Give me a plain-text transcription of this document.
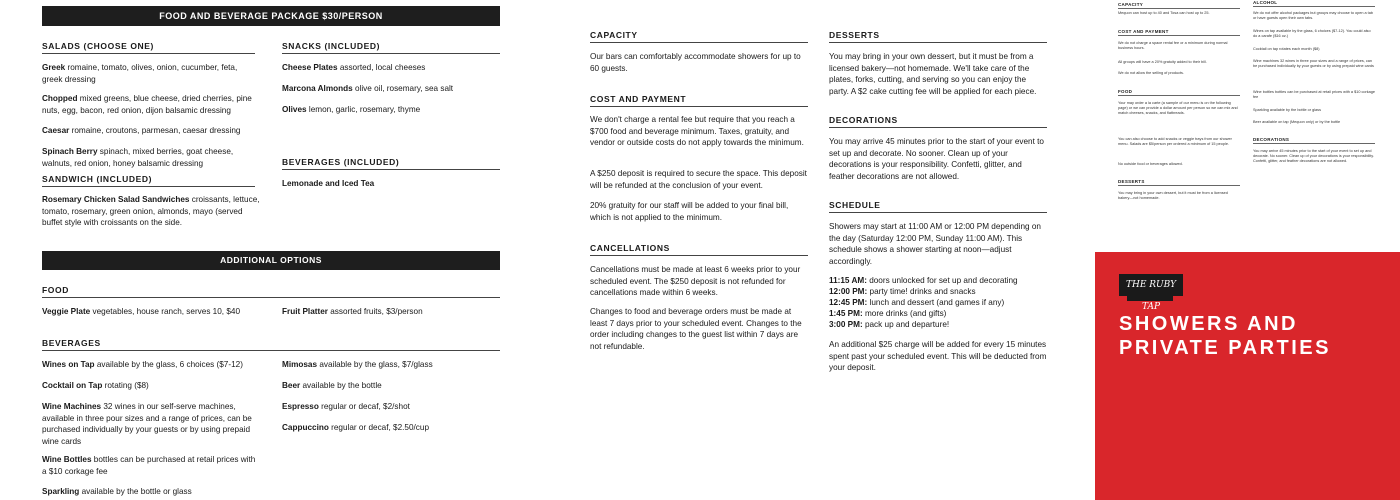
FOOD AND BEVERAGE PACKAGE $30/PERSON
SALADS (CHOOSE ONE)
Greek romaine, tomato, olives, onion, cucumber, feta, greek dressing
Chopped mixed greens, blue cheese, dried cherries, pine nuts, egg, bacon, red onion, dijon balsamic dressing
Caesar romaine, croutons, parmesan, caesar dressing
Spinach Berry spinach, mixed berries, goat cheese, walnuts, red onion, honey balsamic dressing
SANDWICH (INCLUDED)
Rosemary Chicken Salad Sandwiches croissants, lettuce, tomato, rosemary, green onion, almonds, mayo (served buffet style with croissants on the side.
SNACKS (INCLUDED)
Cheese Plates assorted, local cheeses
Marcona Almonds olive oil, rosemary, sea salt
Olives lemon, garlic, rosemary, thyme
BEVERAGES (INCLUDED)
Lemonade and Iced Tea
ADDITIONAL OPTIONS
FOOD
Veggie Plate vegetables, house ranch, serves 10, $40	Fruit Platter assorted fruits, $3/person
BEVERAGES
Wines on Tap available by the glass, 6 choices ($7-12)
Cocktail on Tap rotating ($8)
Wine Machines 32 wines in our self-serve machines, available in three pour sizes and a range of prices, can be purchased individually by your guests or by using prepaid wine cards
Wine Bottles bottles can be purchased at retail prices with a $10 corkage fee
Sparkling available by the bottle or glass
Mimosas available by the glass, $7/glass
Beer available by the bottle
Espresso regular or decaf, $2/shot
Cappuccino regular or decaf, $2.50/cup
CAPACITY
Our bars can comfortably accommodate showers for up to 60 guests.
COST AND PAYMENT
We don't charge a rental fee but require that you reach a $700 food and beverage minimum. Taxes, gratuity, and vendor or outside costs do not apply towards the minimum.
A $250 deposit is required to secure the space. This deposit will be refunded at the conclusion of your event.
20% gratuity for our staff will be added to your final bill, which is not applied to the minimum.
CANCELLATIONS
Cancellations must be made at least 6 weeks prior to your scheduled event. The $250 deposit is not refunded for cancellations made within 6 weeks.
Changes to food and beverage orders must be made at least 7 days prior to your scheduled event. Changes to the order including changes to the guest list within 7 days are not refundable.
DESSERTS
You may bring in your own dessert, but it must be from a licensed bakery—not homemade. We'll take care of the plates, forks, cutting, and serving so you can enjoy the party. A $2 cake cutting fee will be applied for each piece.
DECORATIONS
You may arrive 45 minutes prior to the start of your event to set up and decorate. No sooner. Clean up of your decorations is your responsibility. Confetti, glitter, and feather decorations are not allowed.
SCHEDULE
Showers may start at 11:00 AM or 12:00 PM depending on the day (Saturday 12:00 PM, Sunday 11:00 AM). This schedule shows a shower starting at noon—adjust accordingly.
11:15 AM: doors unlocked for set up and decorating
12:00 PM: party time! drinks and snacks
12:45 PM: lunch and dessert (and games if any)
1:45 PM: more drinks (and gifts)
3:00 PM: pack up and departure!
An additional $25 charge will be added for every 15 minutes spent past your scheduled event. This will be deducted from your deposit.
CAPACITY
Mequon can host up to 40 and Tosa can host up to 25.
COST AND PAYMENT
We do not charge a space rental fee or a minimum during normal business hours.
All groups will have a 20% gratuity added to their bill.
We do not allow the selling of products.
FOOD
Your may order a la carte (a sample of our menu is on the following page) or we can provide a dollar amount per person so we can mix and match cheeses, snacks, and flatbreads.
You can also choose to add snacks or veggie trays from our shower menu. Salads are $5/person per ordered a minimum of 15 people.
No outside food or beverages allowed.
DESSERTS
You may bring in your own dessert, but it must be from a licensed bakery—not homemade.
ALCOHOL
We do not offer alcohol packages but groups may choose to open a tab or have guests open their own tabs.
Wines on tap available by the glass, 6 choices ($7-12). You could also do a carafe ($16 oz.)
Cocktail on tap rotates each month ($8)
Wine machines 32 wines in three pour sizes and a range of prices, can be purchased individually by your guests or by using prepaid wine cards
Wine bottles bottles can be purchased at retail prices with a $10 corkage fee
Sparkling available by the bottle or glass
Beer available on tap (Mequon only) or by the bottle
DECORATIONS
You may arrive 45 minutes prior to the start of your event to set up and decorate. No sooner. Clean up of your decorations is your responsibility. Confetti, glitter, and feather decorations are not allowed.
THE RUBY TAP
SHOWERS AND
PRIVATE PARTIES
